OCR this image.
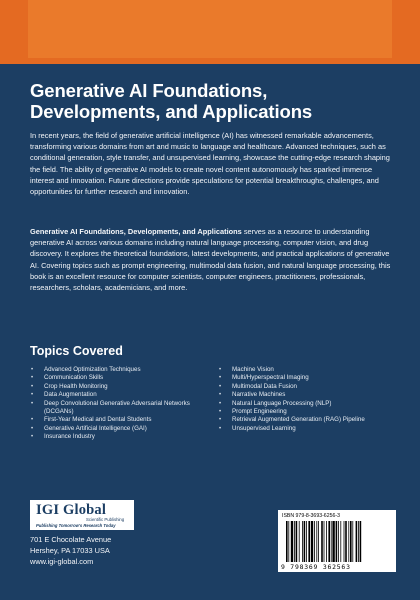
Generative AI Foundations, Developments, and Applications

In recent years, the field of generative artificial intelligence (AI) has witnessed remarkable advancements, transforming various domains from art and music to language and healthcare. Advanced techniques, such as conditional generation, style transfer, and unsupervised learning, showcase the cutting-edge research shaping the field. The ability of generative AI models to create novel content autonomously has sparked immense interest and innovation. Future directions provide speculations for potential breakthroughs, challenges, and opportunities for further research and innovation.

Generative AI Foundations, Developments, and Applications serves as a resource to understanding generative AI across various domains including natural language processing, computer vision, and drug discovery. It explores the theoretical foundations, latest developments, and practical applications of generative AI. Covering topics such as prompt engineering, multimodal data fusion, and natural language processing, this book is an excellent resource for computer scientists, computer engineers, practitioners, professionals, researchers, scholars, academicians, and more.

Topics Covered
• Advanced Optimization Techniques
• Communication Skills
• Crop Health Monitoring
• Data Augmentation
• Deep Convolutional Generative Adversarial Networks (DCGANs)
• First-Year Medical and Dental Students
• Generative Artificial Intelligence (GAI)
• Insurance Industry
• Machine Vision
• Multi/Hyperspectral Imaging
• Multimodal Data Fusion
• Narrative Machines
• Natural Language Processing (NLP)
• Prompt Engineering
• Retrieval Augmented Generation (RAG) Pipeline
• Unsupervised Learning
IGI Global
Scientific Publishing
Publishing Tomorrow's Research Today

701 E Chocolate Avenue

Hershey, PA 17033 USA

www.igi-global.com

ISBN 979-8-3693-6256-3
9 798369 362563
